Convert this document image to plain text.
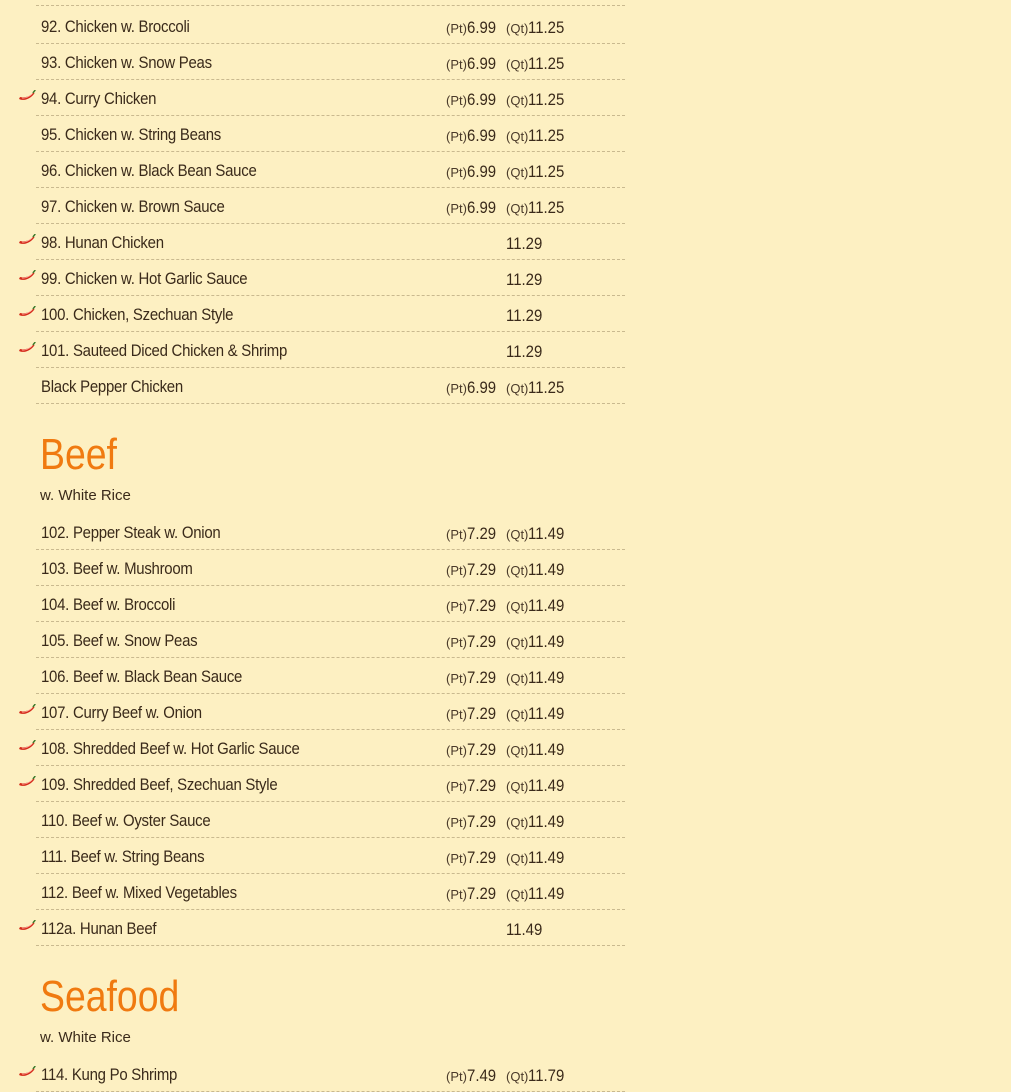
92. Chicken w. Broccoli	(Pt)6.99 (Qt)11.25
93. Chicken w. Snow Peas	(Pt)6.99 (Qt)11.25
94. Curry Chicken	(Pt)6.99 (Qt)11.25
95. Chicken w. String Beans	(Pt)6.99 (Qt)11.25
96. Chicken w. Black Bean Sauce	(Pt)6.99 (Qt)11.25
97. Chicken w. Brown Sauce	(Pt)6.99 (Qt)11.25
98. Hunan Chicken	11.29
99. Chicken w. Hot Garlic Sauce	11.29
100. Chicken, Szechuan Style	11.29
101. Sauteed Diced Chicken & Shrimp	11.29
Black Pepper Chicken	(Pt)6.99 (Qt)11.25
Beef
w. White Rice
102. Pepper Steak w. Onion	(Pt)7.29 (Qt)11.49
103. Beef w. Mushroom	(Pt)7.29 (Qt)11.49
104. Beef w. Broccoli	(Pt)7.29 (Qt)11.49
105. Beef w. Snow Peas	(Pt)7.29 (Qt)11.49
106. Beef w. Black Bean Sauce	(Pt)7.29 (Qt)11.49
107. Curry Beef w. Onion	(Pt)7.29 (Qt)11.49
108. Shredded Beef w. Hot Garlic Sauce	(Pt)7.29 (Qt)11.49
109. Shredded Beef, Szechuan Style	(Pt)7.29 (Qt)11.49
110. Beef w. Oyster Sauce	(Pt)7.29 (Qt)11.49
111. Beef w. String Beans	(Pt)7.29 (Qt)11.49
112. Beef w. Mixed Vegetables	(Pt)7.29 (Qt)11.49
112a. Hunan Beef	11.49
Seafood
w. White Rice
114. Kung Po Shrimp	(Pt)7.49 (Qt)11.79
